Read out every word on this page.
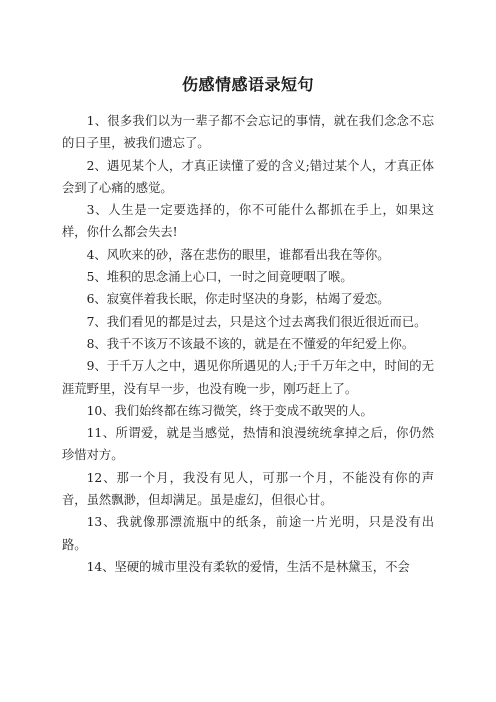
伤感情感语录短句

1、很多我们以为一辈子都不会忘记的事情，就在我们念念不忘的日子里，被我们遗忘了。

2、遇见某个人，才真正读懂了爱的含义;错过某个人，才真正体会到了心痛的感觉。

3、人生是一定要选择的，你不可能什么都抓在手上，如果这样，你什么都会失去!

4、风吹来的砂，落在悲伤的眼里，谁都看出我在等你。

5、堆积的思念涌上心口，一时之间竟哽咽了喉。

6、寂寞伴着我长眠，你走时坚决的身影，枯竭了爱恋。

7、我们看见的都是过去，只是这个过去离我们很近很近而已。

8、我千不该万不该最不该的，就是在不懂爱的年纪爱上你。

9、于千万人之中，遇见你所遇见的人;于千万年之中，时间的无涯荒野里，没有早一步，也没有晚一步，刚巧赶上了。

10、我们始终都在练习微笑，终于变成不敢哭的人。

11、所谓爱，就是当感觉，热情和浪漫统统拿掉之后，你仍然珍惜对方。

12、那一个月，我没有见人，可那一个月，不能没有你的声音，虽然飘渺，但却满足。虽是虚幻，但很心甘。

13、我就像那漂流瓶中的纸条，前途一片光明，只是没有出路。

14、坚硬的城市里没有柔软的爱情，生活不是林黛玉，不会
